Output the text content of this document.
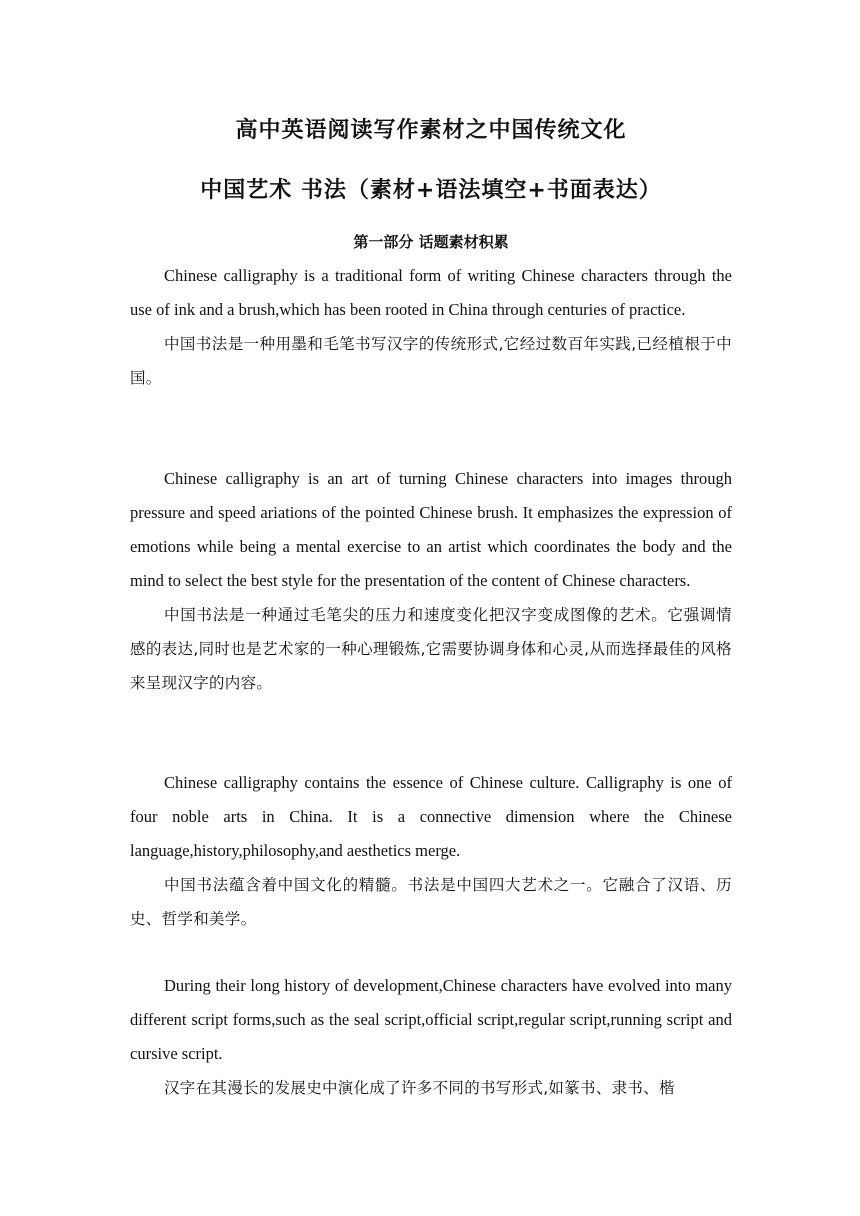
高中英语阅读写作素材之中国传统文化
中国艺术 书法（素材+语法填空+书面表达）
第一部分 话题素材积累

Chinese calligraphy is a traditional form of writing Chinese characters through the use of ink and a brush,which has been rooted in China through centuries of practice.

中国书法是一种用墨和毛笔书写汉字的传统形式,它经过数百年实践,已经植根于中国。

Chinese calligraphy is an art of turning Chinese characters into images through pressure and speed ariations of the pointed Chinese brush. It emphasizes the expression of emotions while being a mental exercise to an artist which coordinates the body and the mind to select the best style for the presentation of the content of Chinese characters.

中国书法是一种通过毛笔尖的压力和速度变化把汉字变成图像的艺术。它强调情感的表达,同时也是艺术家的一种心理锻炼,它需要协调身体和心灵,从而选择最佳的风格来呈现汉字的内容。

Chinese calligraphy contains the essence of Chinese culture. Calligraphy is one of four noble arts in China. It is a connective dimension where the Chinese language,history,philosophy,and aesthetics merge.

中国书法蕴含着中国文化的精髓。书法是中国四大艺术之一。它融合了汉语、历史、哲学和美学。

During their long history of development,Chinese characters have evolved into many different script forms,such as the seal script,official script,regular script,running script and cursive script.

汉字在其漫长的发展史中演化成了许多不同的书写形式,如篆书、隶书、楷
